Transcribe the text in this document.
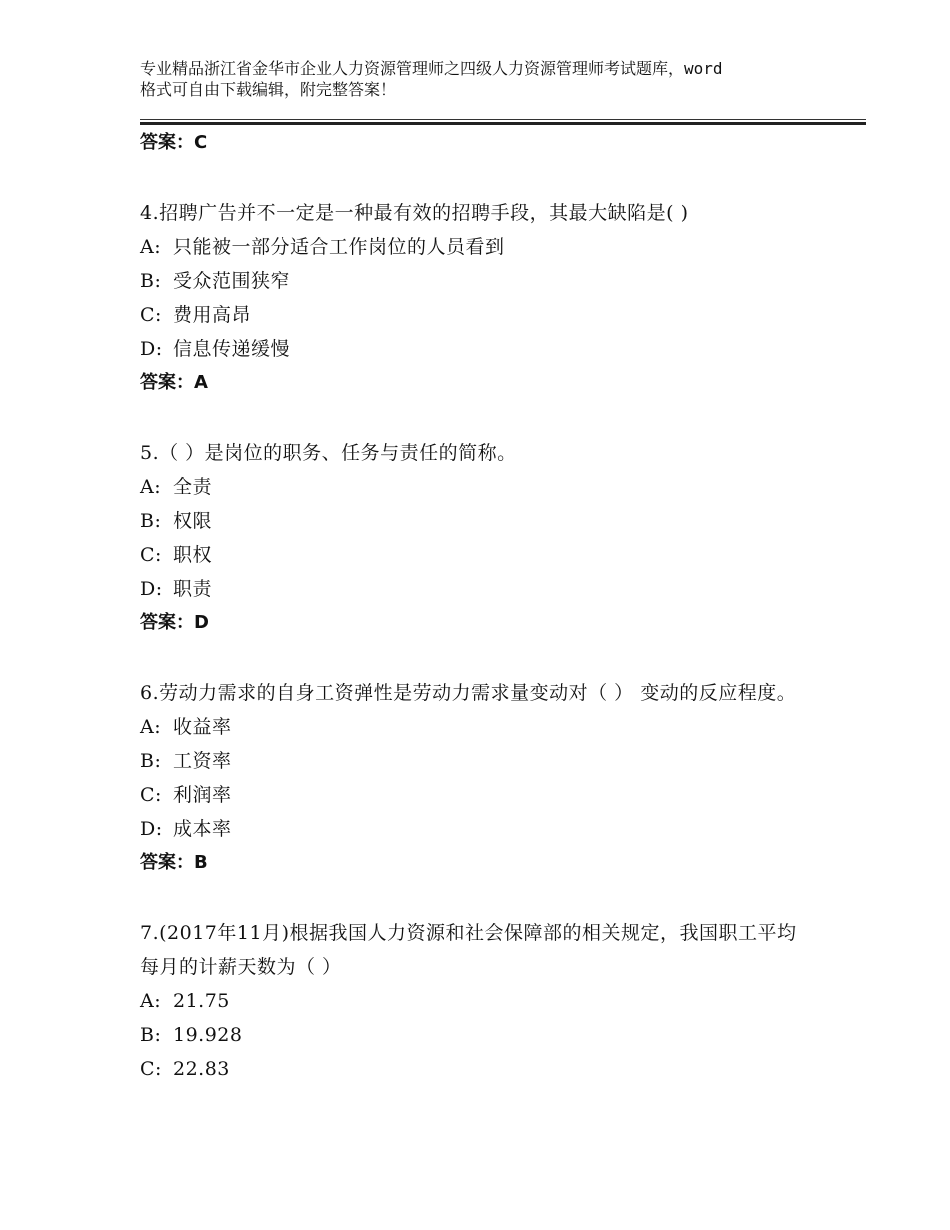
专业精品浙江省金华市企业人力资源管理师之四级人力资源管理师考试题库，word
格式可自由下载编辑，附完整答案！
答案：C
4.招聘广告并不一定是一种最有效的招聘手段，其最大缺陷是( )
A: 只能被一部分适合工作岗位的人员看到
B: 受众范围狭窄
C: 费用高昂
D: 信息传递缓慢
答案：A
5.（ ）是岗位的职务、任务与责任的简称。
A: 全责
B: 权限
C: 职权
D: 职责
答案：D
6.劳动力需求的自身工资弹性是劳动力需求量变动对（ ） 变动的反应程度。
A: 收益率
B: 工资率
C: 利润率
D: 成本率
答案：B
7.(2017年11月)根据我国人力资源和社会保障部的相关规定，我国职工平均每月的计薪天数为（ ）
A: 21.75
B: 19.928
C: 22.83
